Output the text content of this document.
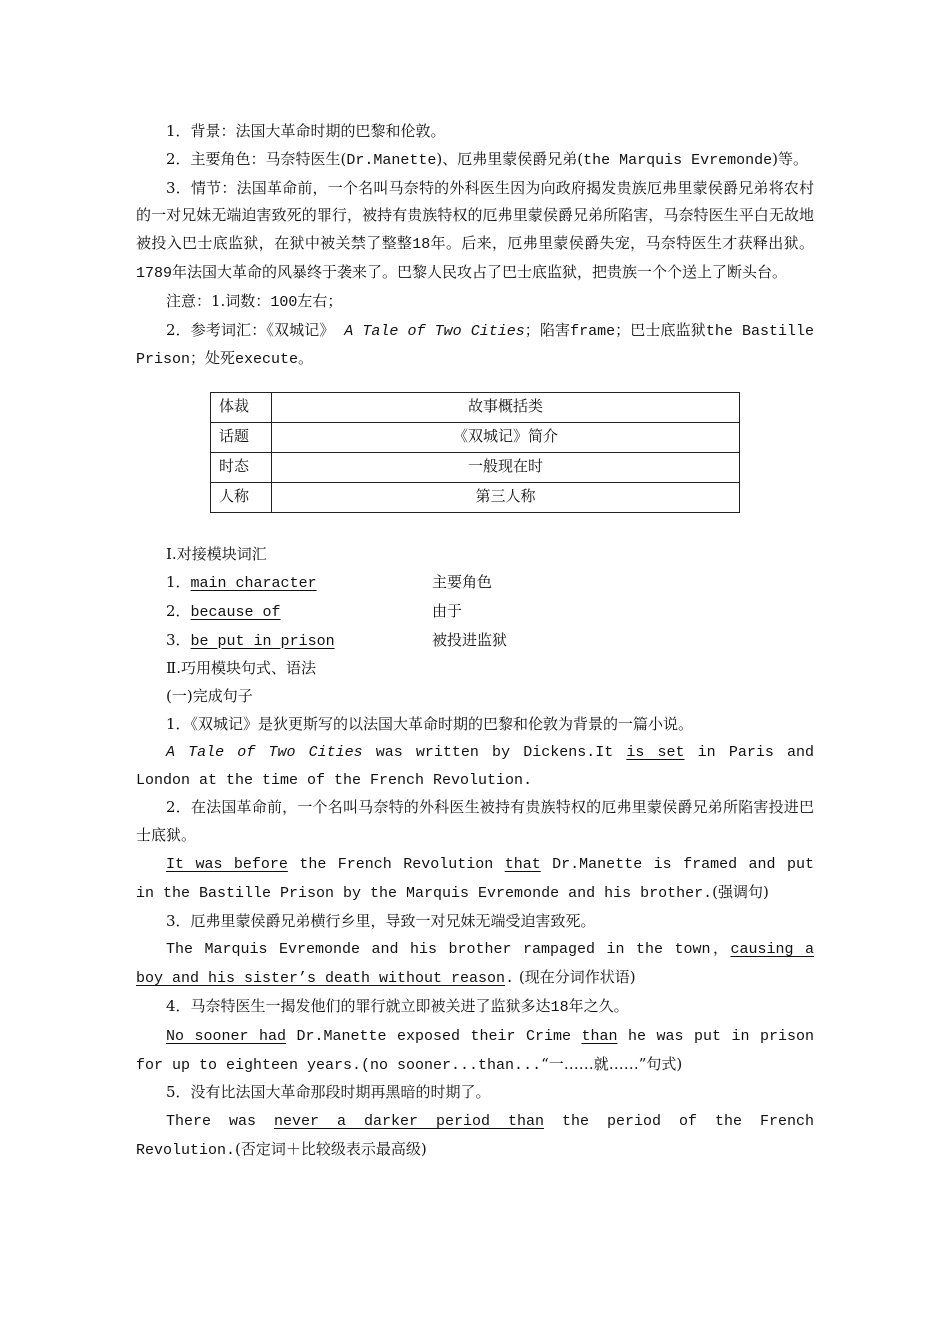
1．背景：法国大革命时期的巴黎和伦敦。

2．主要角色：马奈特医生(Dr.Manette)、厄弗里蒙侯爵兄弟(the Marquis Evremonde)等。

3．情节：法国革命前，一个名叫马奈特的外科医生因为向政府揭发贵族厄弗里蒙侯爵兄弟将农村的一对兄妹无端迫害致死的罪行，被持有贵族特权的厄弗里蒙侯爵兄弟所陷害，马奈特医生平白无故地被投入巴士底监狱，在狱中被关禁了整整18年。后来，厄弗里蒙侯爵失宠，马奈特医生才获释出狱。1789年法国大革命的风暴终于袭来了。巴黎人民攻占了巴士底监狱，把贵族一个个送上了断头台。

注意：1.词数：100左右；

2．参考词汇：《双城记》 A Tale of Two Cities；陷害frame；巴士底监狱the Bastille Prison；处死execute。

体裁	故事概括类
话题	《双城记》简介
时态	一般现在时
人称	第三人称

Ⅰ.对接模块词汇

1．main character	主要角色
2．because of	由于
3．be put in prison	被投进监狱

Ⅱ.巧用模块句式、语法

(一)完成句子

1．《双城记》是狄更斯写的以法国大革命时期的巴黎和伦敦为背景的一篇小说。

A Tale of Two Cities was written by Dickens.It is set in Paris and London at the time of the French Revolution.

2．在法国革命前，一个名叫马奈特的外科医生被持有贵族特权的厄弗里蒙侯爵兄弟所陷害投进巴士底狱。

It was before the French Revolution that Dr.Manette is framed and put in the Bastille Prison by the Marquis Evremonde and his brother.(强调句)

3．厄弗里蒙侯爵兄弟横行乡里，导致一对兄妹无端受迫害致死。

The Marquis Evremonde and his brother rampaged in the town，causing a boy and his sister’s death without reason. (现在分词作状语)

4．马奈特医生一揭发他们的罪行就立即被关进了监狱多达18年之久。

No sooner had Dr.Manette exposed their Crime than he was put in prison for up to eighteen years.(no sooner...than...“一……就……”句式)

5．没有比法国大革命那段时期再黑暗的时期了。

There was never a darker period than the period of the French Revolution.(否定词＋比较级表示最高级)
